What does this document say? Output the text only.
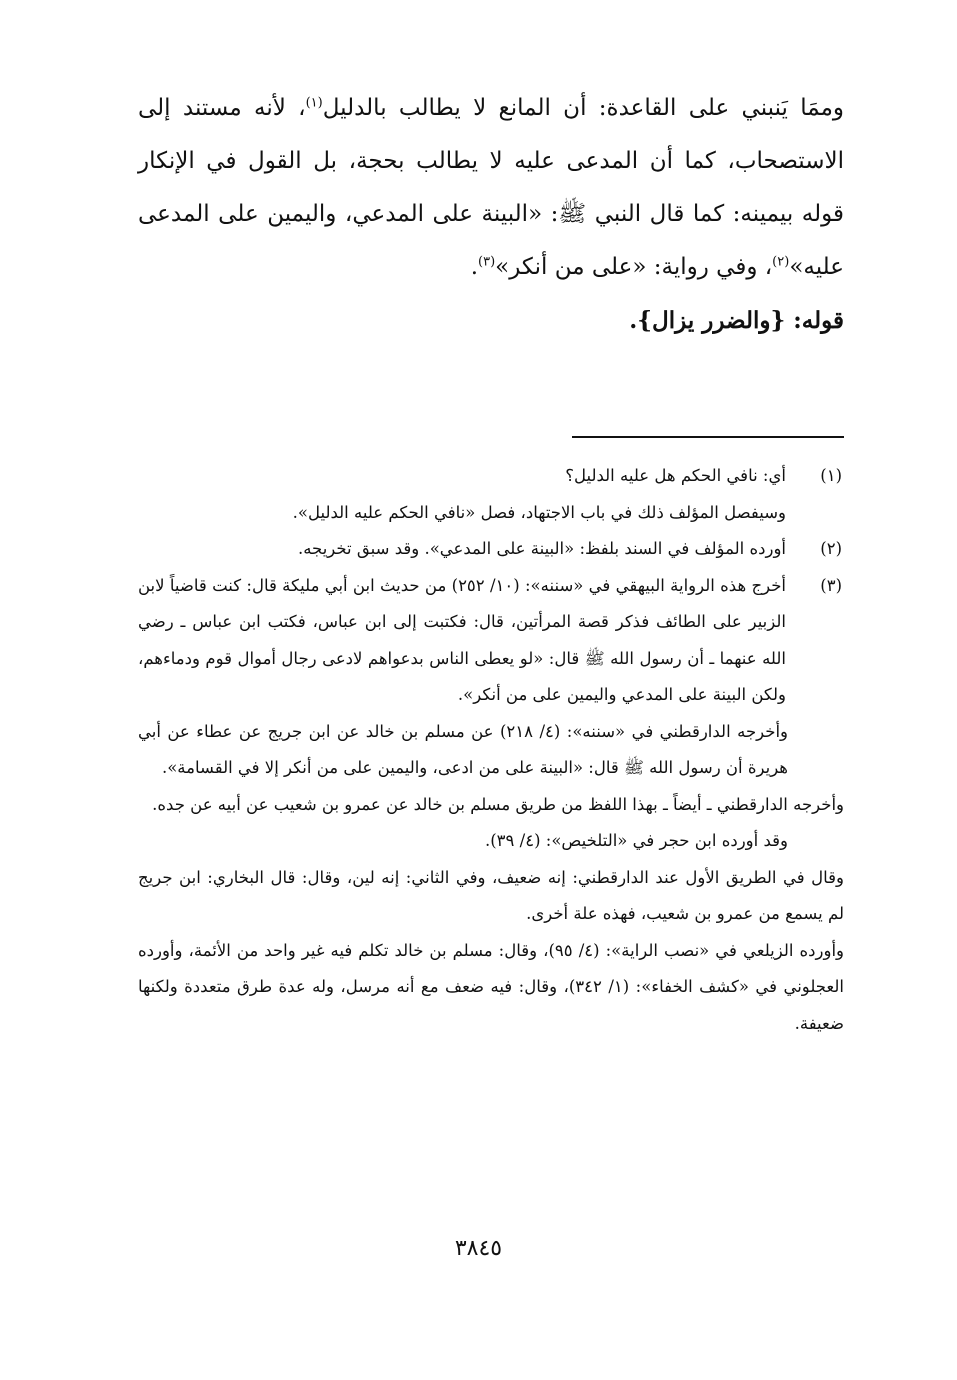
وممَا يَنبني على القاعدة: أن المانع لا يطالب بالدليل$^{(١)}$، لأنه مستند إلى الاستصحاب، كما أن المدعى عليه لا يطالب بحجة، بل القول في الإنكار قوله بيمينه: كما قال النبي ﷺ: «البينة على المدعي، واليمين على المدعى عليه»$^{(٢)}$، وفي رواية: «على من أنكر»$^{(٣)}$.

قوله: {والضرر يزال}.

(١)

أي: نافي الحكم هل عليه الدليل؟

وسيفصل المؤلف ذلك في باب الاجتهاد، فصل «نافي الحكم عليه الدليل».

(٢)
أورده المؤلف في السند بلفظ: «البينة على المدعي». وقد سبق تخريجه.
(٣)
أخرج هذه الرواية البيهقي في «سننه»: (١٠/ ٢٥٢) من حديث ابن أبي مليكة قال: كنت قاضياً لابن الزبير على الطائف فذكر قصة المرأتين، قال: فكتبت إلى ابن عباس، فكتب ابن عباس ـ رضي الله عنهما ـ أن رسول الله ﷺ قال: «لو يعطى الناس بدعواهم لادعى رجال أموال قوم ودماءهم، ولكن البينة على المدعي واليمين على من أنكر».

وأخرجه الدارقطني في «سننه»: (٤/ ٢١٨) عن مسلم بن خالد عن ابن جريج عن عطاء عن أبي هريرة أن رسول الله ﷺ قال: «البينة على من ادعى، واليمين على من أنكر إلا في القسامة».

وأخرجه الدارقطني ـ أيضاً ـ بهذا اللفظ من طريق مسلم بن خالد عن عمرو بن شعيب عن أبيه عن جده.

وقد أورده ابن حجر في «التلخيص»: (٤/ ٣٩).

وقال في الطريق الأول عند الدارقطني: إنه ضعيف، وفي الثاني: إنه لين، وقال: قال البخاري: ابن جريج لم يسمع من عمرو بن شعيب، فهذه علة أخرى.

وأورده الزيلعي في «نصب الراية»: (٤/ ٩٥)، وقال: مسلم بن خالد تكلم فيه غير واحد من الأئمة، وأورده العجلوني في «كشف الخفاء»: (١/ ٣٤٢)، وقال: فيه ضعف مع أنه مرسل، وله عدة طرق متعددة ولكنها ضعيفة.

٣٨٤٥
